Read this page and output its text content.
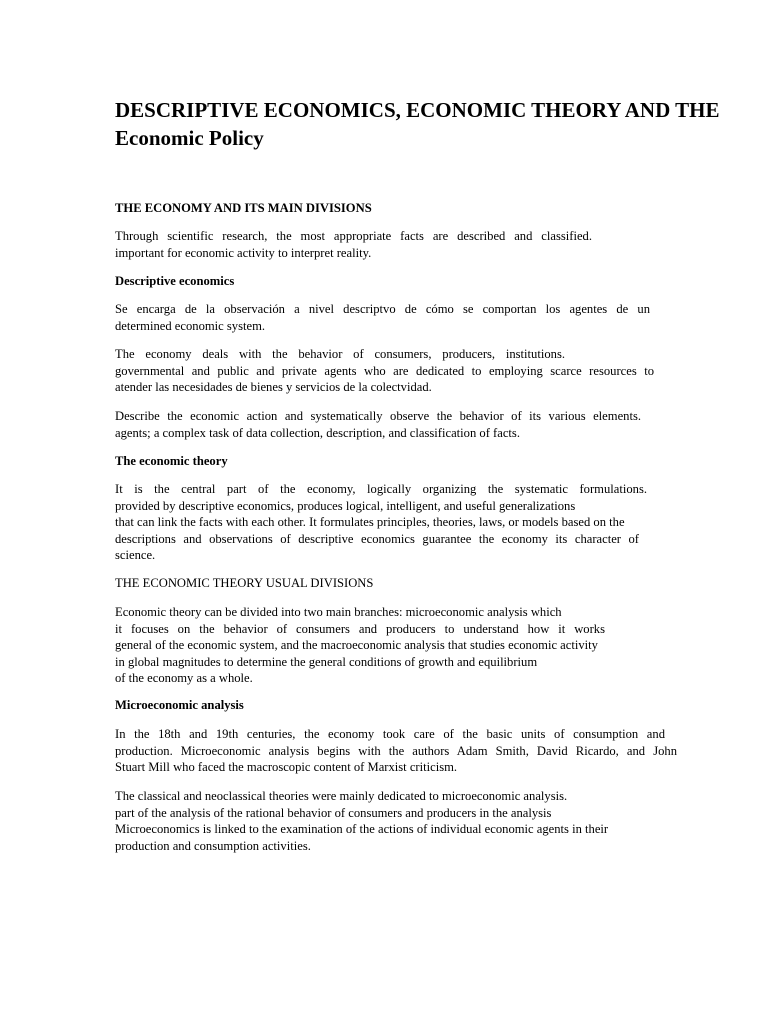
DESCRIPTIVE ECONOMICS, ECONOMIC THEORY AND THE
Economic Policy
THE ECONOMY AND ITS MAIN DIVISIONS
Through scientific research, the most appropriate facts are described and classified.
important for economic activity to interpret reality.
Descriptive economics
Se encarga de la observación a nivel descriptvo de cómo se comportan los agentes de un
determined economic system.
The economy deals with the behavior of consumers, producers, institutions.
governmental and public and private agents who are dedicated to employing scarce resources to
atender las necesidades de bienes y servicios de la colectvidad.
Describe the economic action and systematically observe the behavior of its various elements.
agents; a complex task of data collection, description, and classification of facts.
The economic theory
It is the central part of the economy, logically organizing the systematic formulations.
provided by descriptive economics, produces logical, intelligent, and useful generalizations
that can link the facts with each other. It formulates principles, theories, laws, or models based on the
descriptions and observations of descriptive economics guarantee the economy its character of
science.
THE ECONOMIC THEORY USUAL DIVISIONS
Economic theory can be divided into two main branches: microeconomic analysis which
it focuses on the behavior of consumers and producers to understand how it works
general of the economic system, and the macroeconomic analysis that studies economic activity
in global magnitudes to determine the general conditions of growth and equilibrium
of the economy as a whole.
Microeconomic analysis
In the 18th and 19th centuries, the economy took care of the basic units of consumption and
production. Microeconomic analysis begins with the authors Adam Smith, David Ricardo, and John
Stuart Mill who faced the macroscopic content of Marxist criticism.
The classical and neoclassical theories were mainly dedicated to microeconomic analysis.
part of the analysis of the rational behavior of consumers and producers in the analysis
Microeconomics is linked to the examination of the actions of individual economic agents in their
production and consumption activities.
